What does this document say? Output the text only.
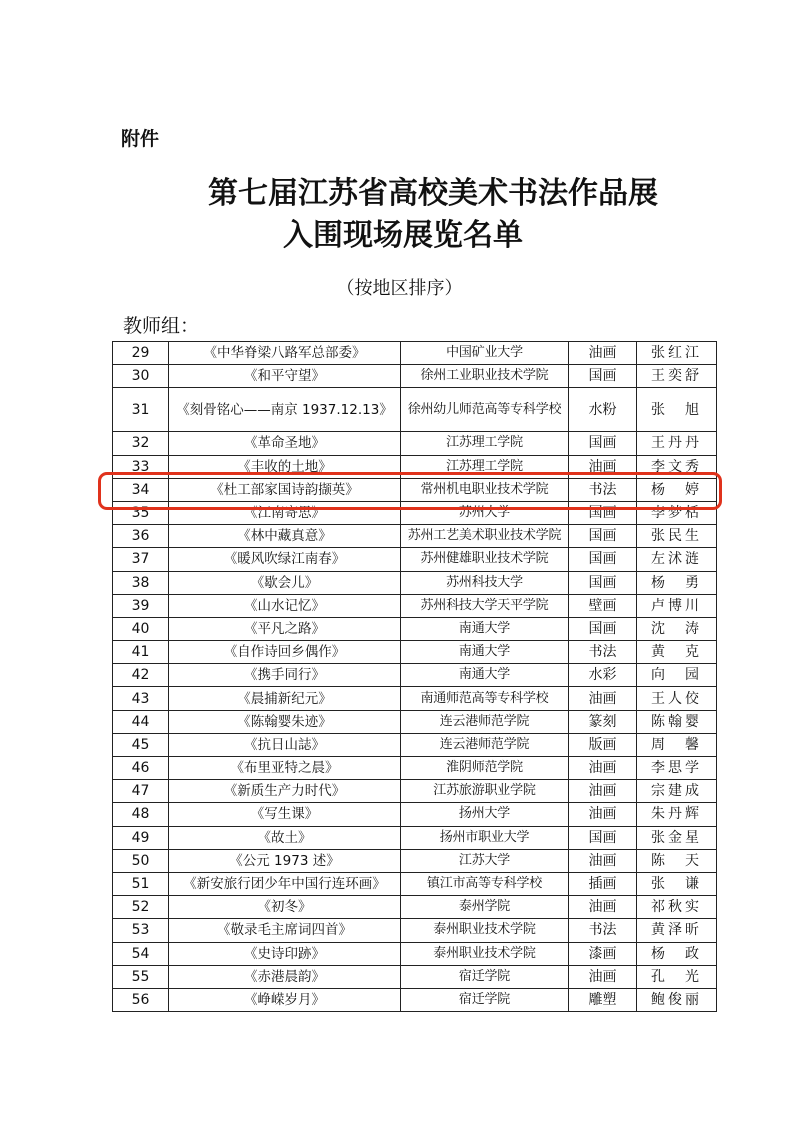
附件
第七届江苏省高校美术书法作品展
入围现场展览名单
（按地区排序）
教师组：
29	《中华脊梁八路军总部委》	中国矿业大学	油画	张红江
30	《和平守望》	徐州工业职业技术学院	国画	王奕舒
31	《刻骨铭心——南京 1937.12.13》	徐州幼儿师范高等专科学校	水粉	张　旭
32	《革命圣地》	江苏理工学院	国画	王丹丹
33	《丰收的土地》	江苏理工学院	油画	李文秀
34	《杜工部家国诗韵撷英》	常州机电职业技术学院	书法	杨　婷
35	《江南寄思》	苏州大学	国画	李梦栝
36	《林中藏真意》	苏州工艺美术职业技术学院	国画	张民生
37	《暖风吹绿江南春》	苏州健雄职业技术学院	国画	左沭涟
38	《歇会儿》	苏州科技大学	国画	杨　勇
39	《山水记忆》	苏州科技大学天平学院	壁画	卢博川
40	《平凡之路》	南通大学	国画	沈　涛
41	《自作诗回乡偶作》	南通大学	书法	黄　克
42	《携手同行》	南通大学	水彩	向　园
43	《晨捕新纪元》	南通师范高等专科学校	油画	王人佼
44	《陈翰婴朱迹》	连云港师范学院	篆刻	陈翰婴
45	《抗日山誌》	连云港师范学院	版画	周　馨
46	《布里亚特之晨》	淮阴师范学院	油画	李思学
47	《新质生产力时代》	江苏旅游职业学院	油画	宗建成
48	《写生课》	扬州大学	油画	朱丹辉
49	《故土》	扬州市职业大学	国画	张金星
50	《公元 1973 述》	江苏大学	油画	陈　天
51	《新安旅行团少年中国行连环画》	镇江市高等专科学校	插画	张　谦
52	《初冬》	泰州学院	油画	祁秋实
53	《敬录毛主席词四首》	泰州职业技术学院	书法	黄泽昕
54	《史诗印跡》	泰州职业技术学院	漆画	杨　政
55	《赤港晨韵》	宿迁学院	油画	孔　光
56	《峥嵘岁月》	宿迁学院	雕塑	鲍俊丽
